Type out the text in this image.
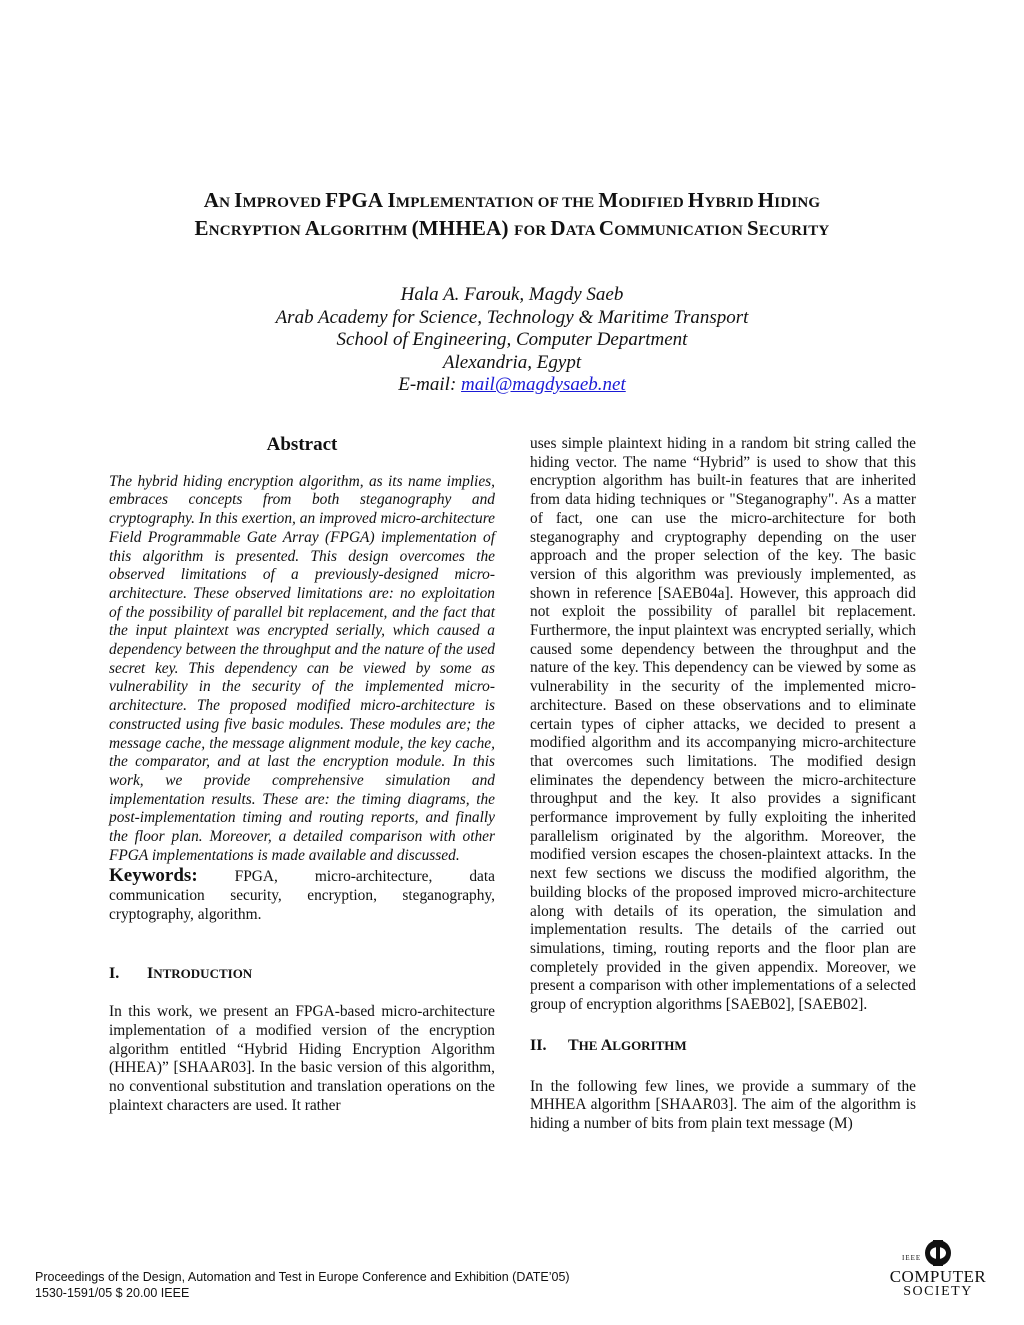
AN IMPROVED FPGA IMPLEMENTATION OF THE MODIFIED HYBRID HIDING
ENCRYPTION ALGORITHM (MHHEA) FOR DATA COMMUNICATION SECURITY
Hala A. Farouk, Magdy Saeb
Arab Academy for Science, Technology & Maritime Transport
School of Engineering, Computer Department
Alexandria, Egypt
E-mail: mail@magdysaeb.net
Abstract

The hybrid hiding encryption algorithm, as its name implies, embraces concepts from both steganography and cryptography. In this exertion, an improved micro-architecture Field Programmable Gate Array (FPGA) implementation of this algorithm is presented. This design overcomes the observed limitations of a previously-designed micro-architecture. These observed limitations are: no exploitation of the possibility of parallel bit replacement, and the fact that the input plaintext was encrypted serially, which caused a dependency between the throughput and the nature of the used secret key. This dependency can be viewed by some as vulnerability in the security of the implemented micro-architecture. The proposed modified micro-architecture is constructed using five basic modules. These modules are; the message cache, the message alignment module, the key cache, the comparator, and at last the encryption module. In this work, we provide comprehensive simulation and implementation results. These are: the timing diagrams, the post-implementation timing and routing reports, and finally the floor plan. Moreover, a detailed comparison with other FPGA implementations is made available and discussed.

Keywords: FPGA, micro-architecture, data communication security, encryption, steganography, cryptography, algorithm.

I. INTRODUCTION

In this work, we present an FPGA-based micro-architecture implementation of a modified version of the encryption algorithm entitled “Hybrid Hiding Encryption Algorithm (HHEA)” [SHAAR03]. In the basic version of this algorithm, no conventional substitution and translation operations on the plaintext characters are used. It rather

uses simple plaintext hiding in a random bit string called the hiding vector. The name “Hybrid” is used to show that this encryption algorithm has built-in features that are inherited from data hiding techniques or "Steganography". As a matter of fact, one can use the micro-architecture for both steganography and cryptography depending on the user approach and the proper selection of the key. The basic version of this algorithm was previously implemented, as shown in reference [SAEB04a]. However, this approach did not exploit the possibility of parallel bit replacement. Furthermore, the input plaintext was encrypted serially, which caused some dependency between the throughput and the nature of the key. This dependency can be viewed by some as vulnerability in the security of the implemented micro-architecture. Based on these observations and to eliminate certain types of cipher attacks, we decided to present a modified algorithm and its accompanying micro-architecture that overcomes such limitations. The modified design eliminates the dependency between the micro-architecture throughput and the key. It also provides a significant performance improvement by fully exploiting the inherited parallelism originated by the algorithm. Moreover, the modified version escapes the chosen-plaintext attacks. In the next few sections we discuss the modified algorithm, the building blocks of the proposed improved micro-architecture along with details of its operation, the simulation and implementation results. The details of the carried out simulations, timing, routing reports and the floor plan are completely provided in the given appendix. Moreover, we present a comparison with other implementations of a selected group of encryption algorithms [SAEB02], [SAEB02].

II. THE ALGORITHM

In the following few lines, we provide a summary of the MHHEA algorithm [SHAAR03]. The aim of the algorithm is hiding a number of bits from plain text message (M)

Proceedings of the Design, Automation and Test in Europe Conference and Exhibition (DATE’05)
1530-1591/05 $ 20.00 IEEE
IEEE
COMPUTER
SOCIETY
